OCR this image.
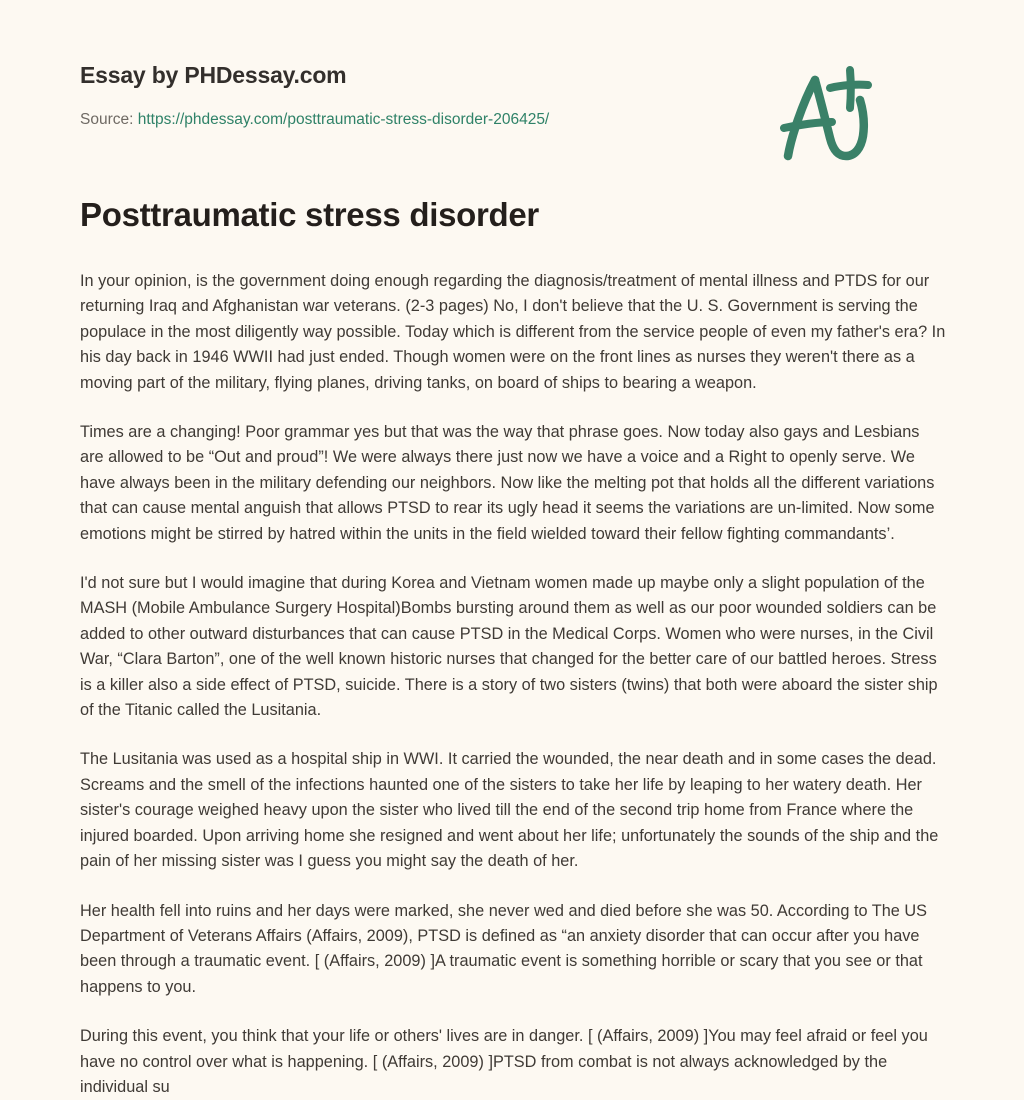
Essay by PHDessay.com
Source: https://phdessay.com/posttraumatic-stress-disorder-206425/
Posttraumatic stress disorder

In your opinion, is the government doing enough regarding the diagnosis/treatment of mental illness and PTDS for our returning Iraq and Afghanistan war veterans. (2-3 pages) No, I don't believe that the U. S. Government is serving the populace in the most diligently way possible. Today which is different from the service people of even my father's era? In his day back in 1946 WWII had just ended. Though women were on the front lines as nurses they weren't there as a moving part of the military, flying planes, driving tanks, on board of ships to bearing a weapon.

Times are a changing! Poor grammar yes but that was the way that phrase goes. Now today also gays and Lesbians are allowed to be “Out and proud”! We were always there just now we have a voice and a Right to openly serve. We have always been in the military defending our neighbors. Now like the melting pot that holds all the different variations that can cause mental anguish that allows PTSD to rear its ugly head it seems the variations are un-limited. Now some emotions might be stirred by hatred within the units in the field wielded toward their fellow fighting commandants’.

I'd not sure but I would imagine that during Korea and Vietnam women made up maybe only a slight population of the MASH (Mobile Ambulance Surgery Hospital)Bombs bursting around them as well as our poor wounded soldiers can be added to other outward disturbances that can cause PTSD in the Medical Corps. Women who were nurses, in the Civil War, “Clara Barton”, one of the well known historic nurses that changed for the better care of our battled heroes. Stress is a killer also a side effect of PTSD, suicide. There is a story of two sisters (twins) that both were aboard the sister ship of the Titanic called the Lusitania.

The Lusitania was used as a hospital ship in WWI. It carried the wounded, the near death and in some cases the dead. Screams and the smell of the infections haunted one of the sisters to take her life by leaping to her watery death. Her sister's courage weighed heavy upon the sister who lived till the end of the second trip home from France where the injured boarded. Upon arriving home she resigned and went about her life; unfortunately the sounds of the ship and the pain of her missing sister was I guess you might say the death of her.

Her health fell into ruins and her days were marked, she never wed and died before she was 50. According to The US Department of Veterans Affairs (Affairs, 2009), PTSD is defined as “an anxiety disorder that can occur after you have been through a traumatic event. [ (Affairs, 2009) ]A traumatic event is something horrible or scary that you see or that happens to you.

During this event, you think that your life or others' lives are in danger. [ (Affairs, 2009) ]You may feel afraid or feel you have no control over what is happening. [ (Affairs, 2009) ]PTSD from combat is not always acknowledged by the individual su
